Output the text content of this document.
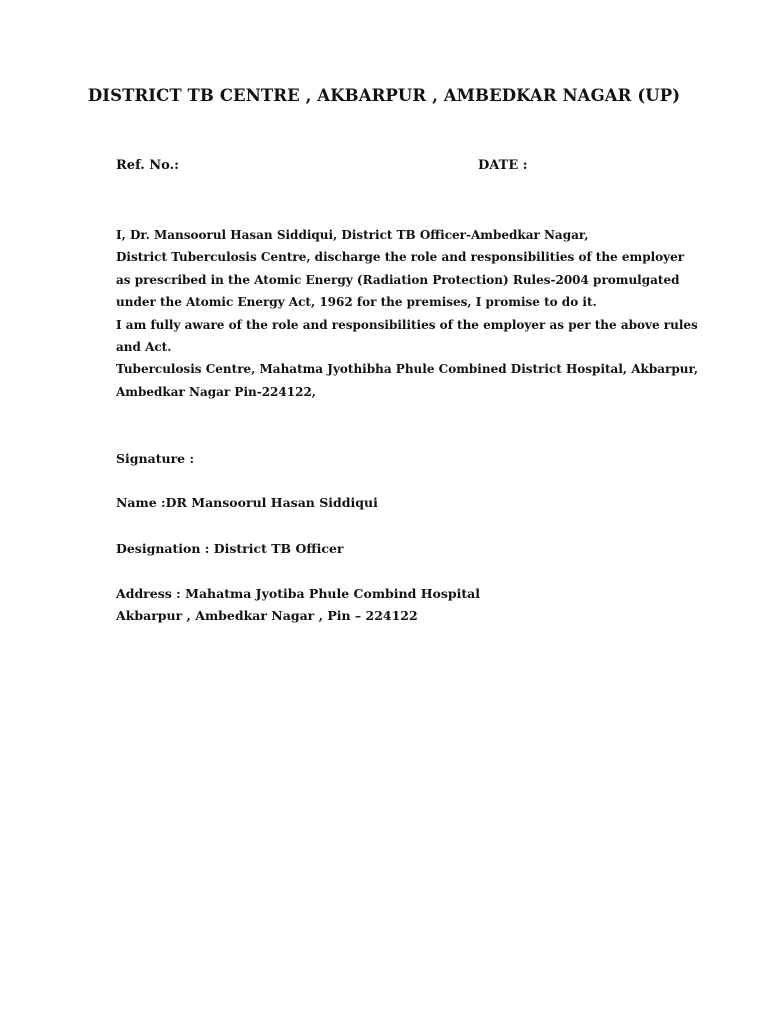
DISTRICT TB CENTRE , AKBARPUR , AMBEDKAR NAGAR (UP)
Ref. No.:	DATE :
I, Dr. Mansoorul Hasan Siddiqui, District TB Officer-Ambedkar Nagar,
District Tuberculosis Centre, discharge the role and responsibilities of the employer
as prescribed in the Atomic Energy (Radiation Protection) Rules-2004 promulgated
under the Atomic Energy Act, 1962 for the premises, I promise to do it.
I am fully aware of the role and responsibilities of the employer as per the above rules
and Act.
Tuberculosis Centre, Mahatma Jyothibha Phule Combined District Hospital, Akbarpur,
Ambedkar Nagar Pin-224122,
Signature :
Name :DR Mansoorul Hasan Siddiqui
Designation : District TB Officer
Address : Mahatma Jyotiba Phule Combind Hospital
Akbarpur , Ambedkar Nagar , Pin – 224122
